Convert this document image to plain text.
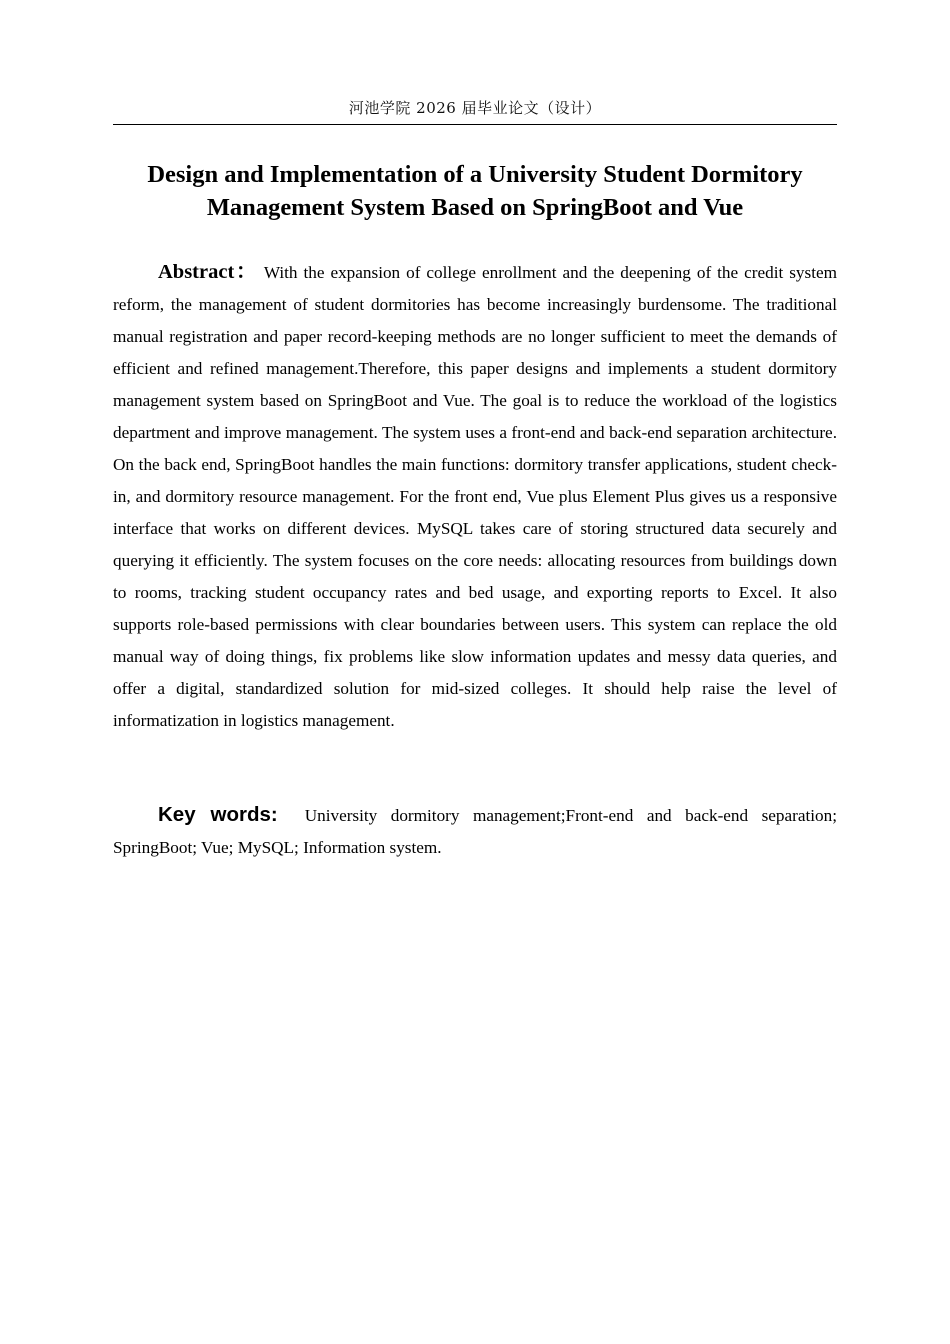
河池学院 2026 届毕业论文（设计）
Design and Implementation of a University Student Dormitory
Management System Based on SpringBoot and Vue

Abstract： With the expansion of college enrollment and the deepening of the credit system reform, the management of student dormitories has become increasingly burdensome. The traditional manual registration and paper record-keeping methods are no longer sufficient to meet the demands of efficient and refined management.Therefore, this paper designs and implements a student dormitory management system based on SpringBoot and Vue. The goal is to reduce the workload of the logistics department and improve management. The system uses a front-end and back-end separation architecture. On the back end, SpringBoot handles the main functions: dormitory transfer applications, student check-in, and dormitory resource management. For the front end, Vue plus Element Plus gives us a responsive interface that works on different devices. MySQL takes care of storing structured data securely and querying it efficiently. The system focuses on the core needs: allocating resources from buildings down to rooms, tracking student occupancy rates and bed usage, and exporting reports to Excel. It also supports role-based permissions with clear boundaries between users. This system can replace the old manual way of doing things, fix problems like slow information updates and messy data queries, and offer a digital, standardized solution for mid-sized colleges. It should help raise the level of informatization in logistics management.

Key words: University dormitory management;Front-end and back-end separation; SpringBoot; Vue; MySQL; Information system.
